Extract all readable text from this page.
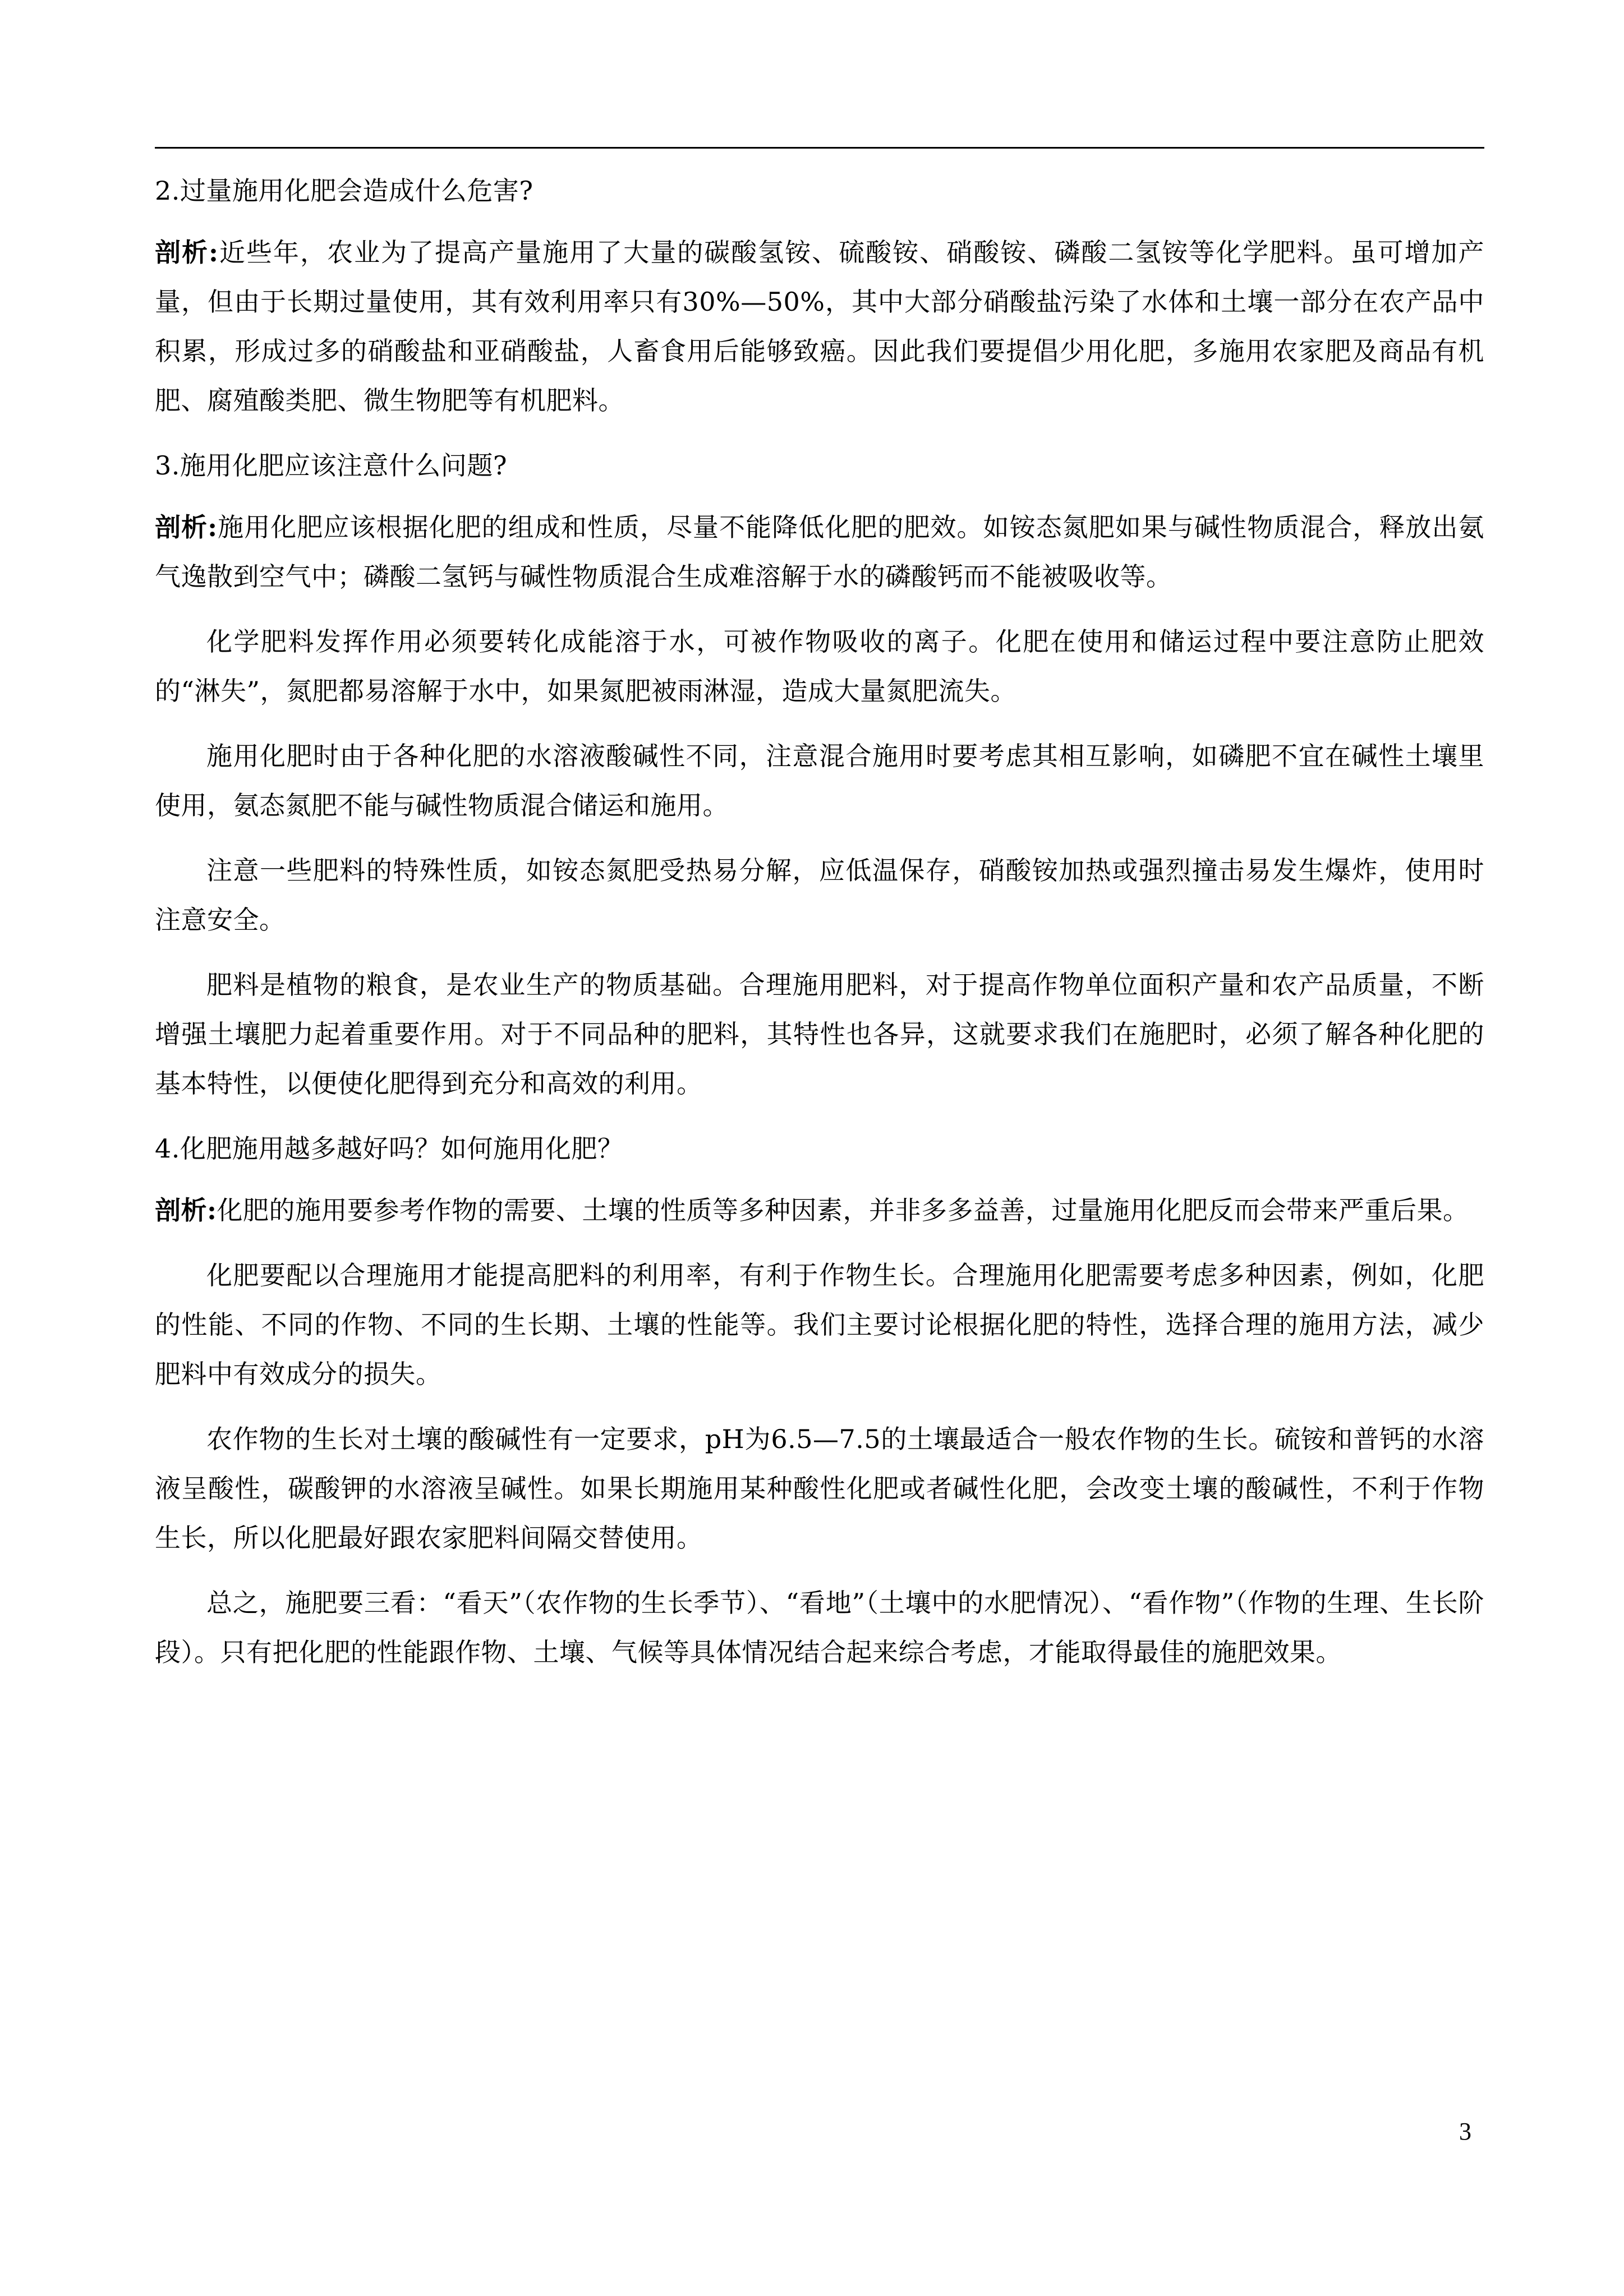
2.过量施用化肥会造成什么危害?

剖析:近些年，农业为了提高产量施用了大量的碳酸氢铵、硫酸铵、硝酸铵、磷酸二氢铵等化学肥料。虽可增加产量，但由于长期过量使用，其有效利用率只有30%—50%，其中大部分硝酸盐污染了水体和土壤一部分在农产品中积累，形成过多的硝酸盐和亚硝酸盐，人畜食用后能够致癌。因此我们要提倡少用化肥，多施用农家肥及商品有机肥、腐殖酸类肥、微生物肥等有机肥料。

3.施用化肥应该注意什么问题?

剖析:施用化肥应该根据化肥的组成和性质，尽量不能降低化肥的肥效。如铵态氮肥如果与碱性物质混合，释放出氨气逸散到空气中；磷酸二氢钙与碱性物质混合生成难溶解于水的磷酸钙而不能被吸收等。

化学肥料发挥作用必须要转化成能溶于水，可被作物吸收的离子。化肥在使用和储运过程中要注意防止肥效的“淋失”，氮肥都易溶解于水中，如果氮肥被雨淋湿，造成大量氮肥流失。

施用化肥时由于各种化肥的水溶液酸碱性不同，注意混合施用时要考虑其相互影响，如磷肥不宜在碱性土壤里使用，氨态氮肥不能与碱性物质混合储运和施用。

注意一些肥料的特殊性质，如铵态氮肥受热易分解，应低温保存，硝酸铵加热或强烈撞击易发生爆炸，使用时注意安全。

肥料是植物的粮食，是农业生产的物质基础。合理施用肥料，对于提高作物单位面积产量和农产品质量，不断增强土壤肥力起着重要作用。对于不同品种的肥料，其特性也各异，这就要求我们在施肥时，必须了解各种化肥的基本特性，以便使化肥得到充分和高效的利用。

4.化肥施用越多越好吗？如何施用化肥？

剖析:化肥的施用要参考作物的需要、土壤的性质等多种因素，并非多多益善，过量施用化肥反而会带来严重后果。

化肥要配以合理施用才能提高肥料的利用率，有利于作物生长。合理施用化肥需要考虑多种因素，例如，化肥的性能、不同的作物、不同的生长期、土壤的性能等。我们主要讨论根据化肥的特性，选择合理的施用方法，减少肥料中有效成分的损失。

农作物的生长对土壤的酸碱性有一定要求，pH为6.5—7.5的土壤最适合一般农作物的生长。硫铵和普钙的水溶液呈酸性，碳酸钾的水溶液呈碱性。如果长期施用某种酸性化肥或者碱性化肥，会改变土壤的酸碱性，不利于作物生长，所以化肥最好跟农家肥料间隔交替使用。

总之，施肥要三看：“看天”（农作物的生长季节）、“看地”（土壤中的水肥情况）、“看作物”（作物的生理、生长阶段）。只有把化肥的性能跟作物、土壤、气候等具体情况结合起来综合考虑，才能取得最佳的施肥效果。

3
